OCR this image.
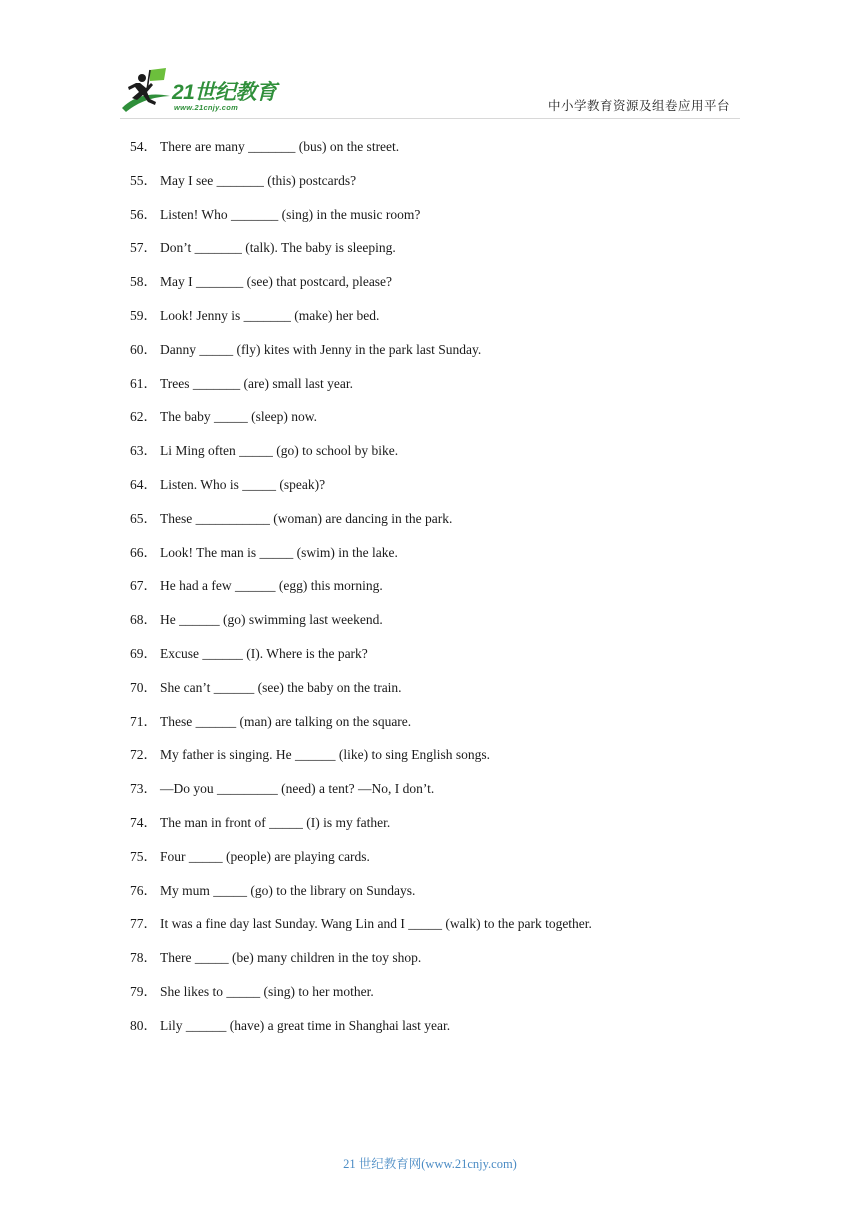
21世纪教育
www.21cnjy.com	中小学教育资源及组卷应用平台
54． There are many _______ (bus) on the street.
55． May I see _______ (this) postcards?
56． Listen! Who _______ (sing) in the music room?
57． Don’t _______ (talk). The baby is sleeping.
58． May I _______ (see) that postcard, please?
59． Look! Jenny is _______ (make) her bed.
60． Danny _____ (fly) kites with Jenny in the park last Sunday.
61． Trees _______ (are) small last year.
62． The baby _____ (sleep) now.
63． Li Ming often _____ (go) to school by bike.
64． Listen. Who is _____ (speak)?
65． These ___________ (woman) are dancing in the park.
66． Look! The man is _____ (swim) in the lake.
67． He had a few ______ (egg) this morning.
68． He ______ (go) swimming last weekend.
69． Excuse ______ (I). Where is the park?
70． She can’t ______ (see) the baby on the train.
71． These ______ (man) are talking on the square.
72． My father is singing. He ______ (like) to sing English songs.
73． —Do you _________ (need) a tent? —No, I don’t.
74． The man in front of _____ (I) is my father.
75． Four _____ (people) are playing cards.
76． My mum _____ (go) to the library on Sundays.
77． It was a fine day last Sunday. Wang Lin and I _____ (walk) to the park together.
78． There _____ (be) many children in the toy shop.
79． She likes to _____ (sing) to her mother.
80． Lily ______ (have) a great time in Shanghai last year.
21 世纪教育网(www.21cnjy.com)
